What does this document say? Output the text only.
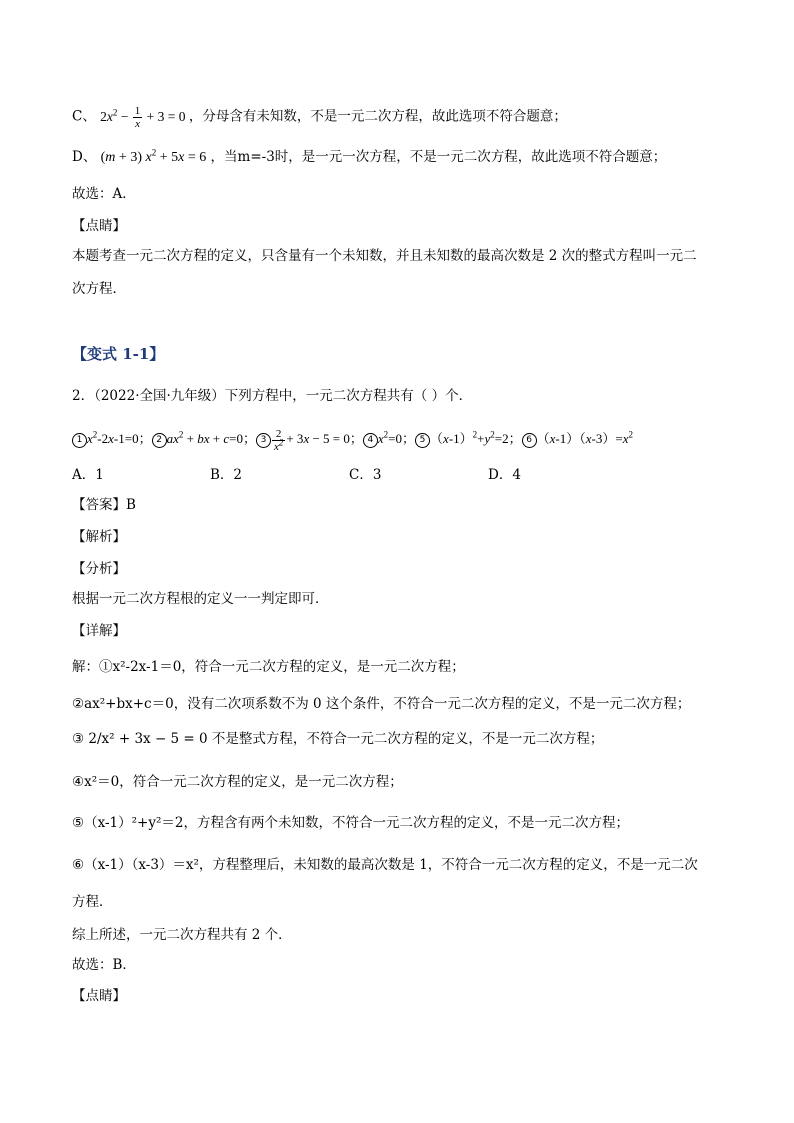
C、 $2x^2 - \frac{1}{x} + 3 = 0$ ，分母含有未知数，不是一元二次方程，故此选项不符合题意；
D、 (m + 3) $x^2 + 5x = 6$ ，当m=-3时，是一元一次方程，不是一元二次方程，故此选项不符合题意；
故选：A．
【点睛】
本题考查一元二次方程的定义，只含量有一个未知数，并且未知数的最高次数是 2 次的整式方程叫一元二
次方程．
【变式 1-1】
2．（2022·全国·九年级）下列方程中，一元二次方程共有（ ）个．
1 $x^2-2x-1=0$； 2 $ax^2$ + bx + c=0； $3 \frac{2}{x^2} + 3x - 5 = 0$； 4 $x^2=0$； 5 $(x-1)^2+y^2=2$； 6 $(x-1)(x-3)=x^2$
A．1	B．2	C．3	D．4
【答案】B
【解析】
【分析】
根据一元二次方程根的定义一一判定即可．
【详解】
解：①x²-2x-1＝0，符合一元二次方程的定义，是一元二次方程；
②ax²+bx+c＝0，没有二次项系数不为 0 这个条件，不符合一元二次方程的定义，不是一元二次方程；
③ 2/x² + 3x − 5 = 0 不是整式方程，不符合一元二次方程的定义，不是一元二次方程；
④x²＝0，符合一元二次方程的定义，是一元二次方程；
⑤（x-1）²+y²＝2，方程含有两个未知数，不符合一元二次方程的定义，不是一元二次方程；
⑥（x-1）（x-3）＝x²，方程整理后，未知数的最高次数是 1，不符合一元二次方程的定义，不是一元二次
方程．
综上所述，一元二次方程共有 2 个．
故选：B．
【点睛】
